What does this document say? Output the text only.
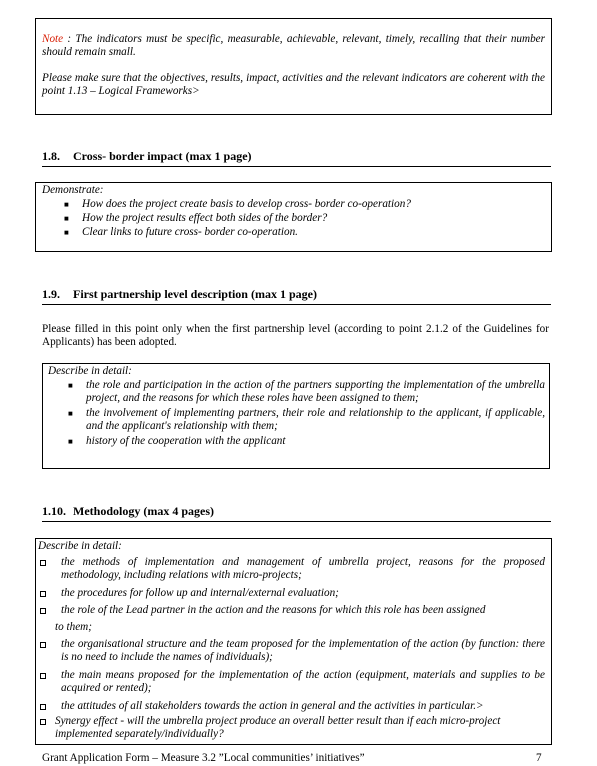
Note : The indicators must be specific, measurable, achievable, relevant, timely, recalling that their number should remain small.
Please make sure that the objectives, results, impact, activities and the relevant indicators are coherent with the point 1.13 – Logical Frameworks>
1.8. Cross- border impact (max 1 page)
Demonstrate:
■ How does the project create basis to develop cross- border co-operation?
■ How the project results effect both sides of the border?
■ Clear links to future cross- border co-operation.
1.9. First partnership level description (max 1 page)
Please filled in this point only when the first partnership level (according to point 2.1.2 of the Guidelines for Applicants) has been adopted.
Describe in detail:
■ the role and participation in the action of the partners supporting the implementation of the umbrella project, and the reasons for which these roles have been assigned to them;
■ the involvement of implementing partners, their role and relationship to the applicant, if applicable, and the applicant's relationship with them;
■ history of the cooperation with the applicant
1.10. Methodology (max 4 pages)
Describe in detail:
the methods of implementation and management of umbrella project, reasons for the proposed methodology, including relations with micro-projects;
the procedures for follow up and internal/external evaluation;
the role of the Lead partner in the action and the reasons for which this role has been assigned
to them;
the organisational structure and the team proposed for the implementation of the action (by function: there is no need to include the names of individuals);
the main means proposed for the implementation of the action (equipment, materials and supplies to be acquired or rented);
the attitudes of all stakeholders towards the action in general and the activities in particular.>
Synergy effect - will the umbrella project produce an overall better result than if each micro-project implemented separately/individually?
Grant Application Form – Measure 3.2 ”Local communities’ initiatives”	7
